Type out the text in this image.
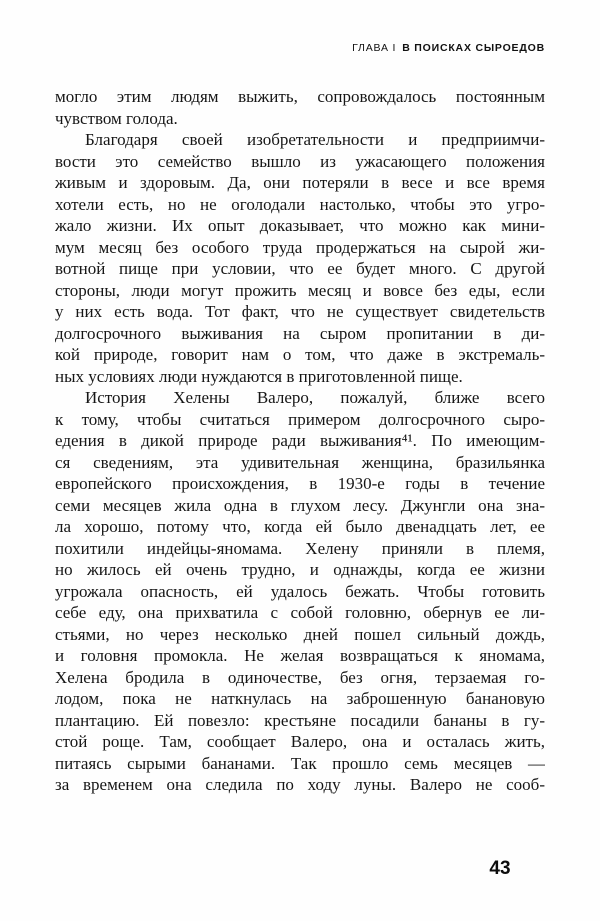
ГЛАВА I В ПОИСКАХ СЫРОЕДОВ
могло этим людям выжить, сопровождалось постоянным
чувством голода.
Благодаря своей изобретательности и предприимчи-
вости это семейство вышло из ужасающего положения
живым и здоровым. Да, они потеряли в весе и все время
хотели есть, но не оголодали настолько, чтобы это угро-
жало жизни. Их опыт доказывает, что можно как мини-
мум месяц без особого труда продержаться на сырой жи-
вотной пище при условии, что ее будет много. С другой
стороны, люди могут прожить месяц и вовсе без еды, если
у них есть вода. Тот факт, что не существует свидетельств
долгосрочного выживания на сыром пропитании в ди-
кой природе, говорит нам о том, что даже в экстремаль-
ных условиях люди нуждаются в приготовленной пище.
История Хелены Валеро, пожалуй, ближе всего
к тому, чтобы считаться примером долгосрочного сыро-
едения в дикой природе ради выживания⁴¹. По имеющим-
ся сведениям, эта удивительная женщина, бразильянка
европейского происхождения, в 1930-е годы в течение
семи месяцев жила одна в глухом лесу. Джунгли она зна-
ла хорошо, потому что, когда ей было двенадцать лет, ее
похитили индейцы-яномама. Хелену приняли в племя,
но жилось ей очень трудно, и однажды, когда ее жизни
угрожала опасность, ей удалось бежать. Чтобы готовить
себе еду, она прихватила с собой головню, обернув ее ли-
стьями, но через несколько дней пошел сильный дождь,
и головня промокла. Не желая возвращаться к яномама,
Хелена бродила в одиночестве, без огня, терзаемая го-
лодом, пока не наткнулась на заброшенную банановую
плантацию. Ей повезло: крестьяне посадили бананы в гу-
стой роще. Там, сообщает Валеро, она и осталась жить,
питаясь сырыми бананами. Так прошло семь месяцев —
за временем она следила по ходу луны. Валеро не сооб-
43
